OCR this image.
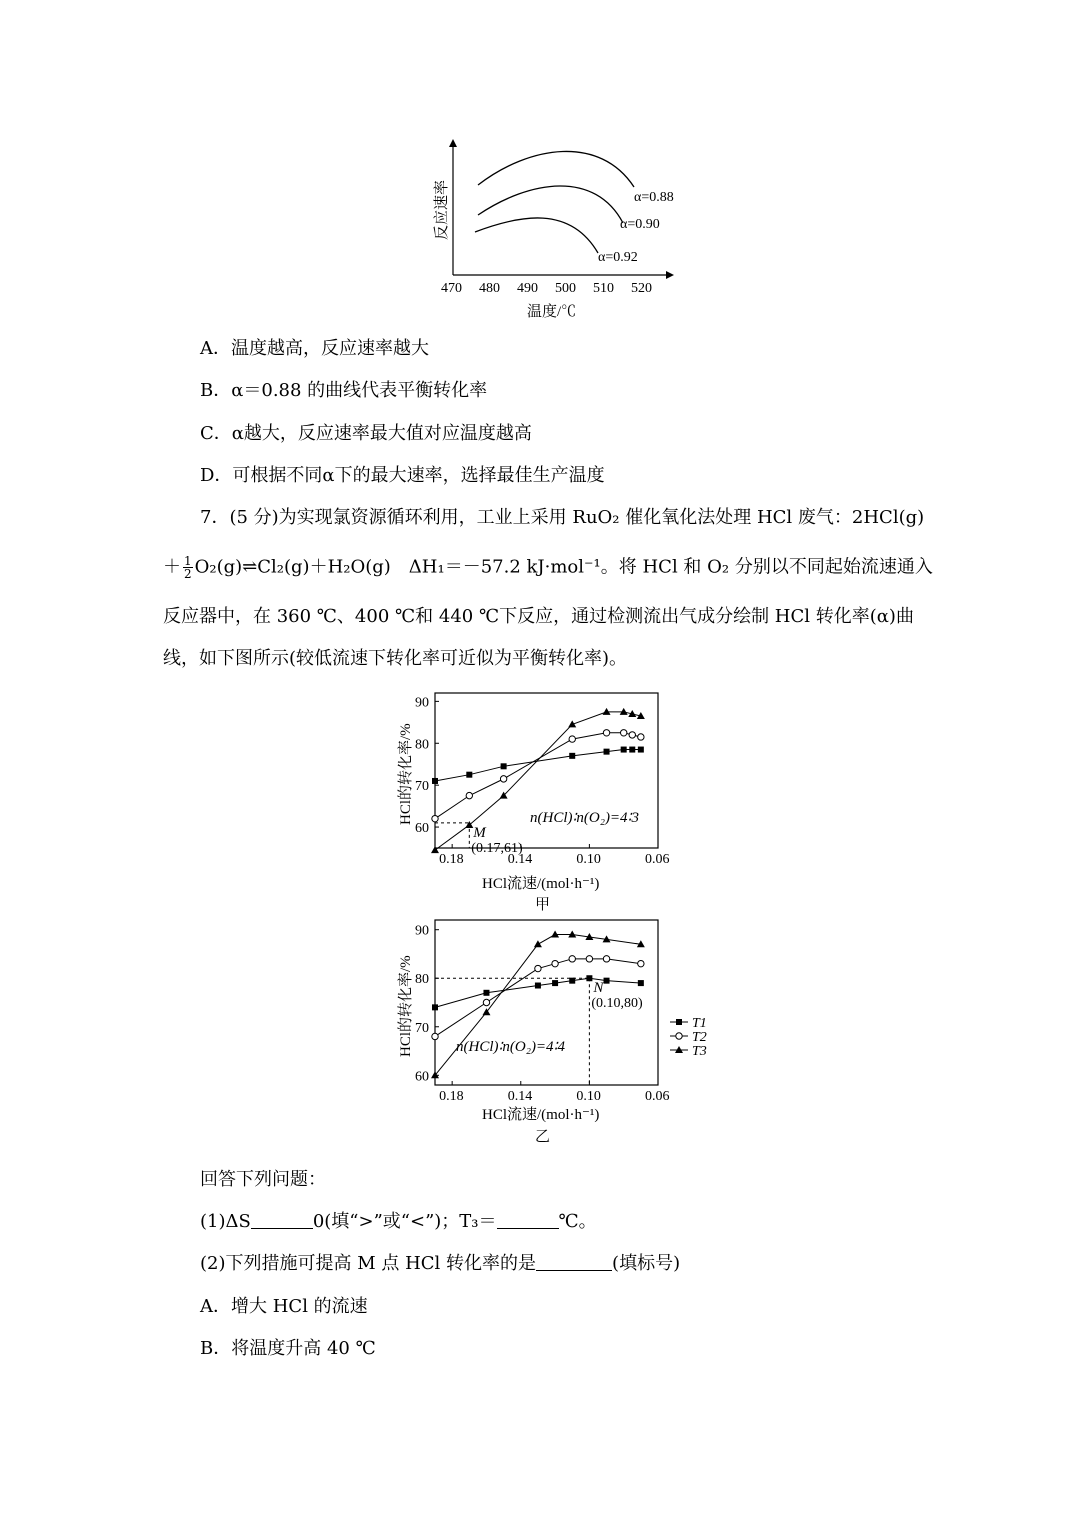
α=0.88
α=0.90
α=0.92
470 480 490 500 510 520
温度/℃
反应速率
A．温度越高，反应速率越大
B．α＝0.88 的曲线代表平衡转化率
C．α越大，反应速率最大值对应温度越高
D．可根据不同α下的最大速率，选择最佳生产温度
7．(5 分)为实现氯资源循环利用，工业上采用 RuO₂ 催化氧化法处理 HCl 废气：2HCl(g)
＋ $\frac{1}{2}$ O₂(g)⇌Cl₂(g)＋H₂O(g)　ΔH₁＝－57.2 kJ·mol⁻¹。将 HCl 和 O₂ 分别以不同起始流速通入
反应器中，在 360 ℃、400 ℃和 440 ℃下反应，通过检测流出气成分绘制 HCl 转化率(α)曲
线，如下图所示(较低流速下转化率可近似为平衡转化率)。
60
70
80
90
0.18	0.14	0.10	0.06
HCl的转化率/%
HCl流速/(mol·h⁻¹)
甲
n(HCl)∶n(O₂)=4∶3
M
(0.17,61)
60
70
80
90
0.18	0.14	0.10	0.06
HCl的转化率/%
HCl流速/(mol·h⁻¹)
乙
n(HCl)∶n(O₂)=4∶4
N
(0.10,80)
T1
T2
T3
回答下列问题：
(1)ΔS	0(填“>”或“<”)；T₃＝	℃。
(2)下列措施可提高 M 点 HCl 转化率的是	(填标号)
A．增大 HCl 的流速
B．将温度升高 40 ℃
